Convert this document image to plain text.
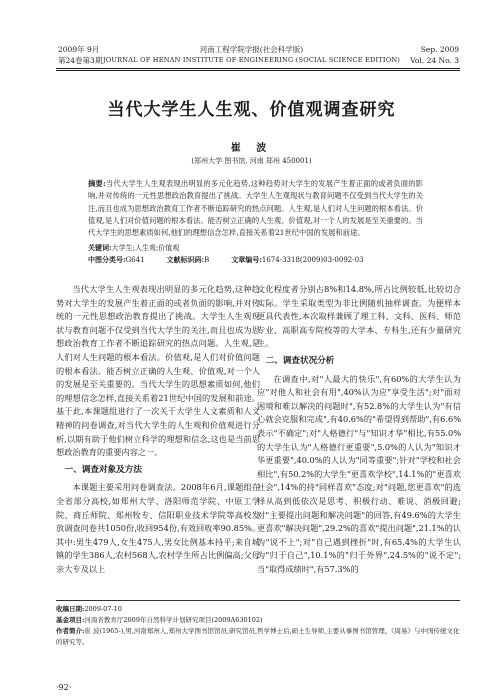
2009年 9月
第24卷第3期
河南工程学院学报(社会科学版)
JOURNAL OF HENAN INSTITUTE OF ENGINEERING (SOCIAL SCIENCE EDITION)
Sep. 2009
Vol. 24 No. 3
当代大学生人生观、价值观调查研究
崔 波
(郑州大学 图书馆, 河南 郑州 450001)
摘要:当代大学生人生观表现出明显的多元化趋势,这种趋势对大学生的发展产生着正面的或者负面的影响,并对传统的一元性思想政治教育提出了挑战。大学生人生观现状与教育问题不仅受到当代大学生的关注,而且也成为思想政治教育工作者不断追踪研究的热点问题。人生观,是人们对人生问题的根本看法。价值观,是人们对价值问题的根本看法。能否树立正确的人生观、价值观,对一个人的发展是至关重要的。当代大学生的思想素质如何,他们的理想信念怎样,直接关系着21世纪中国的发展和前途。
关键词:大学生;人生观;价值观
中图分类号:G641	文献标识码:B	文章编号:1674-3318(2009)03-0092-03

当代大学生人生观表现出明显的多元化趋势,这种趋势对大学生的发展产生着正面的或者负面的影响,并对传统的一元性思想政治教育提出了挑战。大学生人生观现状与教育问题不仅受到当代大学生的关注,而且也成为思想政治教育工作者不断追踪研究的热点问题。人生观,是人们对人生问题的根本看法。价值观,是人们对价值问题的根本看法。能否树立正确的人生观、价值观,对一个人的发展是至关重要的。当代大学生的思想素质如何,他们的理想信念怎样,直接关系着21世纪中国的发展和前途。基于此,本课题组进行了一次关于大学生人文素质和人文精神的问卷调查,对当代大学生的人生观和价值观进行分析,以期有助于他们树立科学的理想和信念,这也是当前思想政治教育的重要内容之一。

一、调查对象及方法

本课题主要采用问卷调查法。2008年6月,课题组在全省部分高校,如郑州大学、洛阳师范学院、中原工学院、商丘师院、郑州牧专、信阳职业技术学院等高校发放调查问卷共1050份,收回954份,有效回收率90.85%。其中:男生479人,女生475人,男女比例基本持平;来自城镇的学生386人,农村568人,农村学生所占比例偏高;父母亲大专及以上

文化程度者分别占8%和14.8%,所占比例较低,比较切合实际。学生采取类型为非比例随机抽样调查。为便样本更具代表性,本次取样兼顾了理工科、文科、医科、师范专业、高职高专院校等的大学本、专科生,还有少量研究生。

二、调查状况分析

在调查中,对"人最大的快乐",有60%的大学生认为应"对他人和社会有用",40%认为应"享受生活";对"面对困境和难以解决的问题时",有52.8%的大学生认为"有信心就会克服和完成",有40.6%的"希望得到帮助",有6.6%表示"不确定";对"人格德行"与"知识才华"相比,有55.0%的大学生认为"人格德行更重要",5.0%的人认为"知识才华更重要",40.0%的人认为"同等重要";针对"学校和社会相比",有50.2%的大学生"更喜欢学校",14.1%的"更喜欢社会",14%的持"同样喜欢"态度;对"问题,您更喜欢"的选择从高到低依次是思考、积极行动、难说、消极回避;对"主要提出问题和解决问题"的回答,有49.6%的大学生更喜欢"解决问题",29.2%的喜欢"提出问题",21.1%的认为"说不上";对"自己遇到挫折"时,有65.4%的大学生认为"归于自己",10.1%的"归于外界",24.5%的"说不定";当"取得成绩时",有57.3%的

收稿日期:2009-07-10
基金项目:河南省教育厅2009年自然科学计划研究项目(2009A630102)
作者简介:崔 波(1965-),男,河南郑州人,郑州大学图书馆馆员,研究馆员,哲学博士后,硕士生导师,主要从事图书馆管理、《周易》与中国传统文化的研究等。
·92·
